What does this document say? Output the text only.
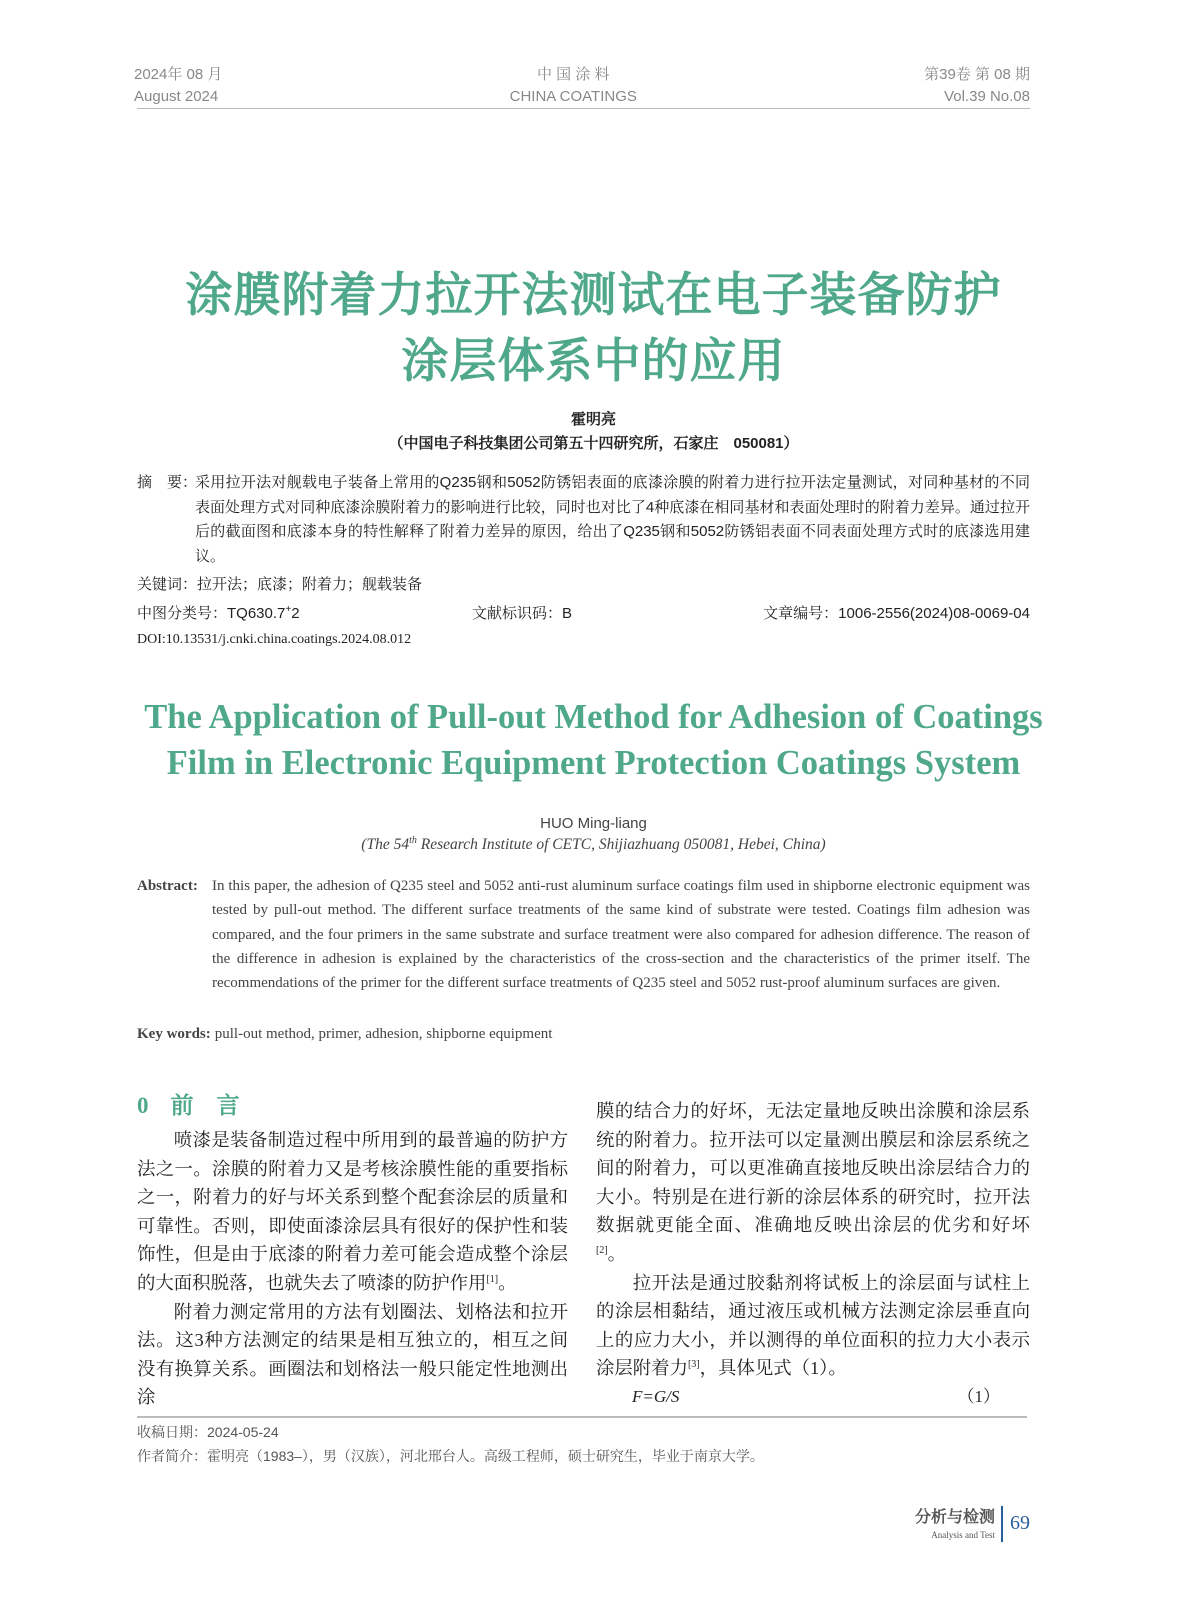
2024年 08 月
August 2024
中 国 涂 料
CHINA COATINGS
第39卷 第 08 期
Vol.39 No.08
涂膜附着力拉开法测试在电子装备防护
涂层体系中的应用
霍明亮
（中国电子科技集团公司第五十四研究所，石家庄　050081）
摘　要：
采用拉开法对舰载电子装备上常用的Q235钢和5052防锈铝表面的底漆涂膜的附着力进行拉开法定量测试，对同种基材的不同表面处理方式对同种底漆涂膜附着力的影响进行比较，同时也对比了4种底漆在相同基材和表面处理时的附着力差异。通过拉开后的截面图和底漆本身的特性解释了附着力差异的原因，给出了Q235钢和5052防锈铝表面不同表面处理方式时的底漆选用建议。
关键词：拉开法；底漆；附着力；舰载装备
中图分类号：TQ630.7+2	文献标识码：B	文章编号：1006-2556(2024)08-0069-04
DOI:10.13531/j.cnki.china.coatings.2024.08.012
The Application of Pull-out Method for Adhesion of Coatings
Film in Electronic Equipment Protection Coatings System
HUO Ming-liang
(The 54th Research Institute of CETC, Shijiazhuang 050081, Hebei, China)
Abstract: In this paper, the adhesion of Q235 steel and 5052 anti-rust aluminum surface coatings film used in shipborne electronic equipment was tested by pull-out method. The different surface treatments of the same kind of substrate were tested. Coatings film adhesion was compared, and the four primers in the same substrate and surface treatment were also compared for adhesion difference. The reason of the difference in adhesion is explained by the characteristics of the cross-section and the characteristics of the primer itself. The recommendations of the primer for the different surface treatments of Q235 steel and 5052 rust-proof aluminum surfaces are given.
Key words: pull-out method, primer, adhesion, shipborne equipment
0 前　言

喷漆是装备制造过程中所用到的最普遍的防护方法之一。涂膜的附着力又是考核涂膜性能的重要指标之一，附着力的好与坏关系到整个配套涂层的质量和可靠性。否则，即使面漆涂层具有很好的保护性和装饰性，但是由于底漆的附着力差可能会造成整个涂层的大面积脱落，也就失去了喷漆的防护作用[1]。

附着力测定常用的方法有划圈法、划格法和拉开法。这3种方法测定的结果是相互独立的，相互之间没有换算关系。画圈法和划格法一般只能定性地测出涂

膜的结合力的好坏，无法定量地反映出涂膜和涂层系统的附着力。拉开法可以定量测出膜层和涂层系统之间的附着力，可以更准确直接地反映出涂层结合力的大小。特别是在进行新的涂层体系的研究时，拉开法数据就更能全面、准确地反映出涂层的优劣和好坏[2]。

拉开法是通过胶黏剂将试板上的涂层面与试柱上的涂层相黏结，通过液压或机械方法测定涂层垂直向上的应力大小，并以测得的单位面积的拉力大小表示涂层附着力[3]，具体见式（1）。

F=G/S	（1）
收稿日期：2024-05-24
作者简介：霍明亮（1983–），男（汉族），河北邢台人。高级工程师，硕士研究生，毕业于南京大学。
分析与检测
Analysis and Test
69
